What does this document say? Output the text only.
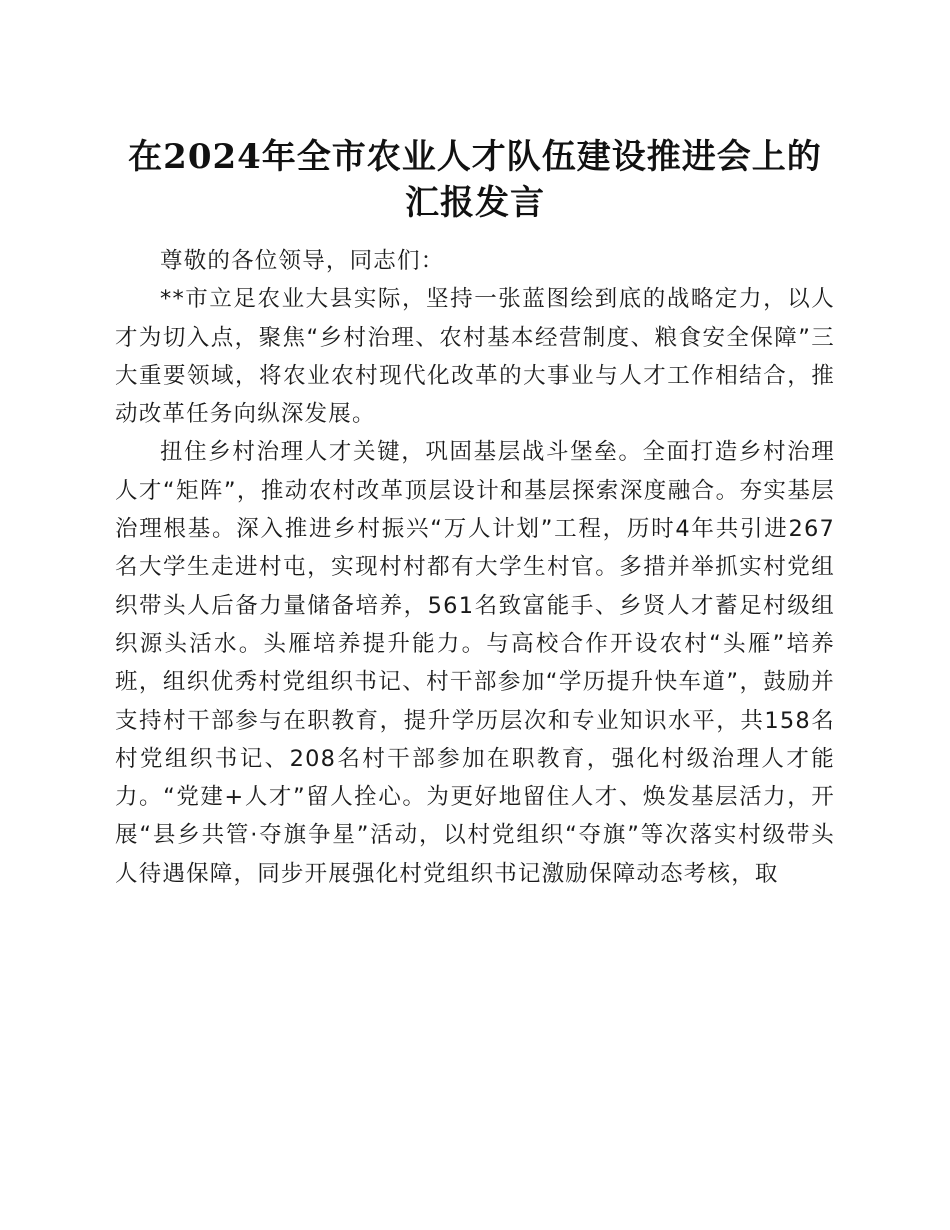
在2024年全市农业人才队伍建设推进会上的汇报发言

尊敬的各位领导，同志们：

**市立足农业大县实际，坚持一张蓝图绘到底的战略定力，以人才为切入点，聚焦“乡村治理、农村基本经营制度、粮食安全保障”三大重要领域，将农业农村现代化改革的大事业与人才工作相结合，推动改革任务向纵深发展。

扭住乡村治理人才关键，巩固基层战斗堡垒。全面打造乡村治理人才“矩阵”，推动农村改革顶层设计和基层探索深度融合。夯实基层治理根基。深入推进乡村振兴“万人计划”工程，历时4年共引进267名大学生走进村屯，实现村村都有大学生村官。多措并举抓实村党组织带头人后备力量储备培养，561名致富能手、乡贤人才蓄足村级组织源头活水。头雁培养提升能力。与高校合作开设农村“头雁”培养班，组织优秀村党组织书记、村干部参加“学历提升快车道”，鼓励并支持村干部参与在职教育，提升学历层次和专业知识水平，共158名村党组织书记、208名村干部参加在职教育，强化村级治理人才能力。“党建+人才”留人拴心。为更好地留住人才、焕发基层活力，开展“县乡共管·夺旗争星”活动，以村党组织“夺旗”等次落实村级带头人待遇保障，同步开展强化村党组织书记激励保障动态考核，取
